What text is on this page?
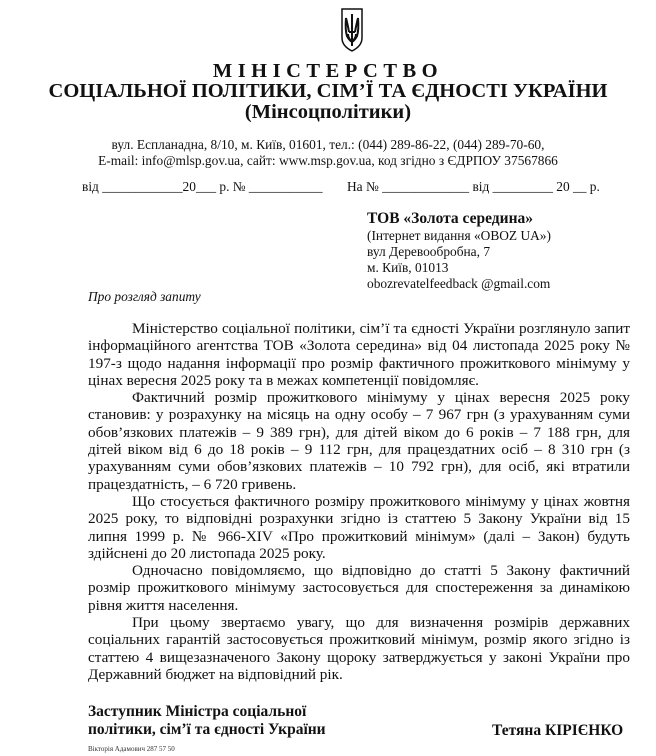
МІНІСТЕРСТВО
СОЦІАЛЬНОЇ ПОЛІТИКИ, СІМ’Ї ТА ЄДНОСТІ УКРАЇНИ
(Мінсоцполітики)
вул. Еспланадна, 8/10, м. Київ, 01601, тел.: (044) 289-86-22, (044) 289-70-60,
E-mail: info@mlsp.gov.ua, сайт: www.msp.gov.ua, код згідно з ЄДРПОУ 37567866
від ____________20___ р. № ___________ На № _____________ від _________ 20 __ р.
ТОВ «Золота середина»
(Інтернет видання «OBOZ UA»)
вул Деревообробна, 7
м. Київ, 01013
obozrevatelfeedback @gmail.com
Про розгляд запиту

Міністерство соціальної політики, сім’ї та єдності України розглянуло запит інформаційного агентства ТОВ «Золота середина» від 04 листопада 2025 року № 197-з щодо надання інформації про розмір фактичного прожиткового мінімуму у цінах вересня 2025 року та в межах компетенції повідомляє.

Фактичний розмір прожиткового мінімуму у цінах вересня 2025 року становив: у розрахунку на місяць на одну особу – 7 967 грн (з урахуванням суми обов’язкових платежів – 9 389 грн), для дітей віком до 6 років – 7 188 грн, для дітей віком від 6 до 18 років – 9 112 грн, для працездатних осіб – 8 310 грн (з урахуванням суми обов’язкових платежів – 10 792 грн), для осіб, які втратили працездатність, – 6 720 гривень.

Що стосується фактичного розміру прожиткового мінімуму у цінах жовтня 2025 року, то відповідні розрахунки згідно із статтею 5 Закону України від 15 липня 1999 р. № 966-XIV «Про прожитковий мінімум» (далі – Закон) будуть здійснені до 20 листопада 2025 року.

Одночасно повідомляємо, що відповідно до статті 5 Закону фактичний розмір прожиткового мінімуму застосовується для спостереження за динамікою рівня життя населення.

При цьому звертаємо увагу, що для визначення розмірів державних соціальних гарантій застосовується прожитковий мінімум, розмір якого згідно із статтею 4 вищезазначеного Закону щороку затверджується у законі України про Державний бюджет на відповідний рік.

Заступник Міністра соціальної
політики, сім’ї та єдності України	Тетяна КІРІЄНКО
Вікторія Адамович 287 57 50
